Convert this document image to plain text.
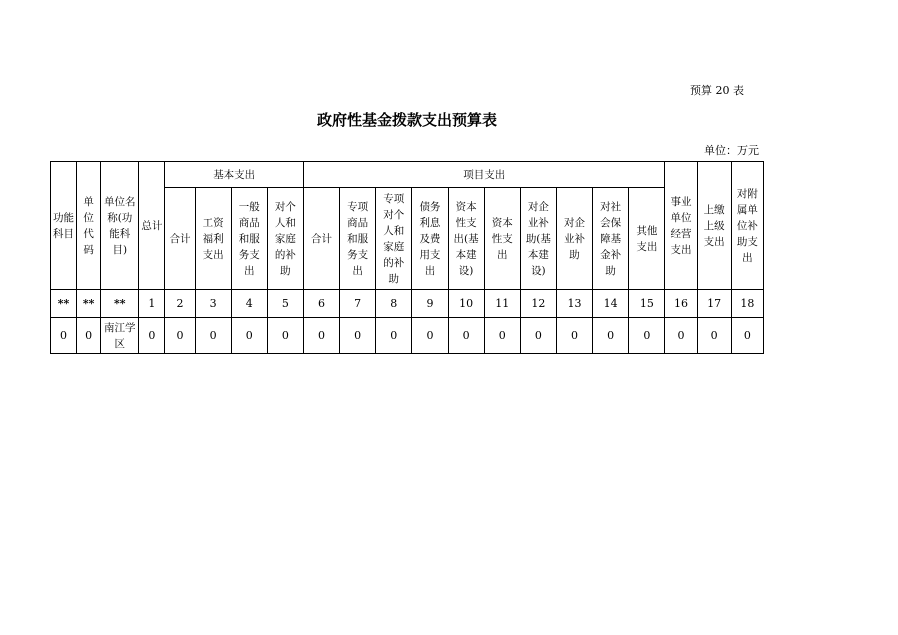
预算 20 表
政府性基金拨款支出预算表
单位：万元
功能科目	单位代码	单位名称(功能科目)	总计	基本支出				项目支出										事业单位经营支出	上缴上级支出	对附属单位补助支出
				合计	工资福利支出	一般商品和服务支出	对个人和家庭的补助	合计	专项商品和服务支出	专项对个人和家庭的补助	债务利息及费用支出	资本性支出(基本建设)	资本性支出	对企业补助(基本建设)	对企业补助	对社会保障基金补助	其他支出			
**	**	**	1	2	3	4	5	6	7	8	9	10	11	12	13	14	15	16	17	18
0	0	南江学区	0	0	0	0	0	0	0	0	0	0	0	0	0	0	0	0	0	0
